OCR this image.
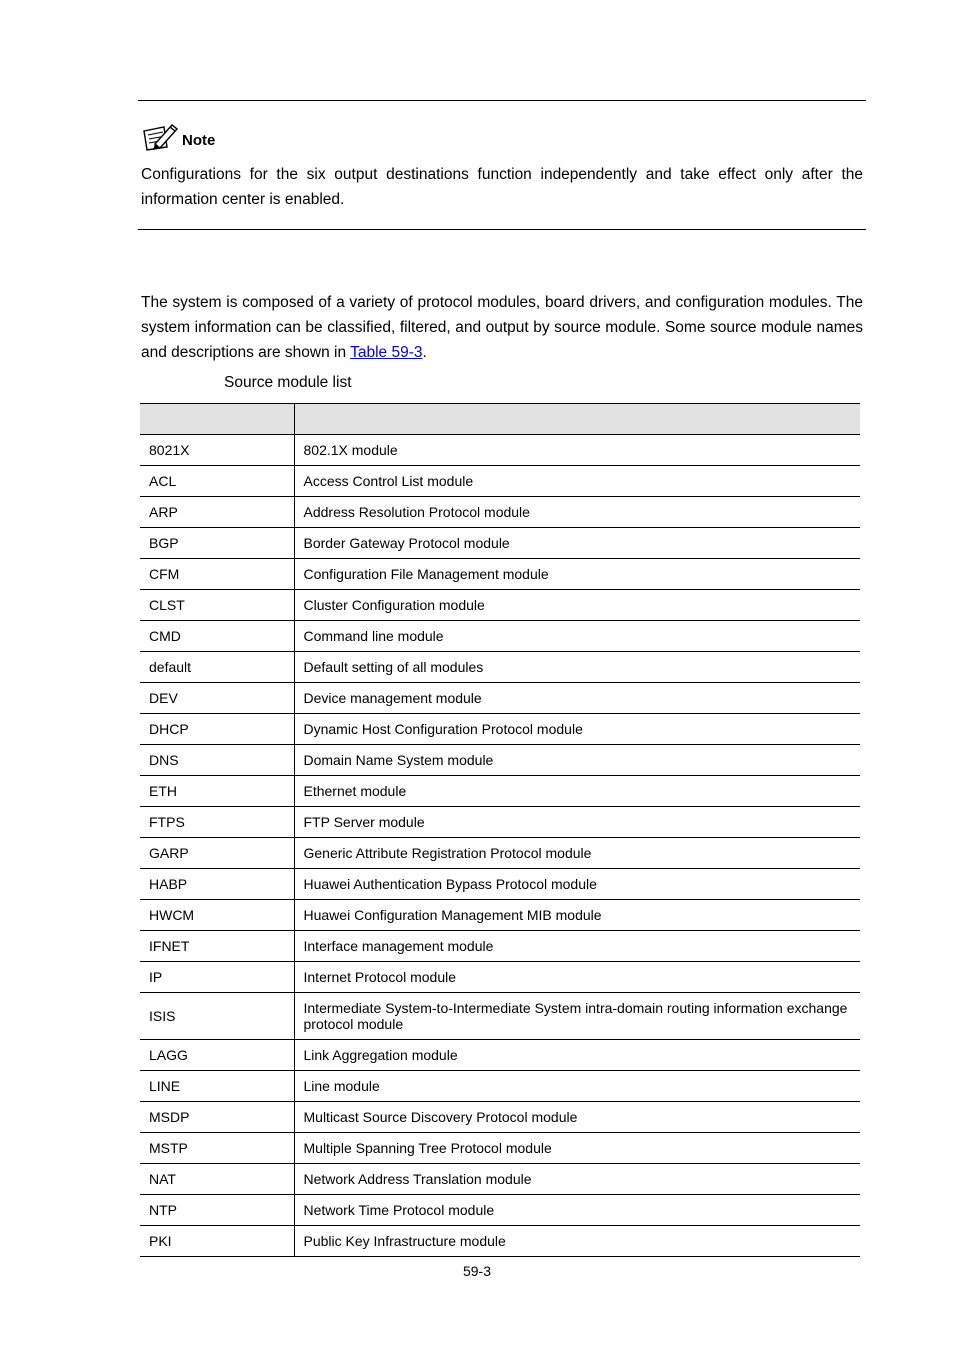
Note

Configurations for the six output destinations function independently and take effect only after the information center is enabled.

The system is composed of a variety of protocol modules, board drivers, and configuration modules. The system information can be classified, filtered, and output by source module. Some source module names and descriptions are shown in Table 59-3.

Source module list

8021X	802.1X module
ACL	Access Control List module
ARP	Address Resolution Protocol module
BGP	Border Gateway Protocol module
CFM	Configuration File Management module
CLST	Cluster Configuration module
CMD	Command line module
default	Default setting of all modules
DEV	Device management module
DHCP	Dynamic Host Configuration Protocol module
DNS	Domain Name System module
ETH	Ethernet module
FTPS	FTP Server module
GARP	Generic Attribute Registration Protocol module
HABP	Huawei Authentication Bypass Protocol module
HWCM	Huawei Configuration Management MIB module
IFNET	Interface management module
IP	Internet Protocol module
ISIS	Intermediate System-to-Intermediate System intra-domain routing information exchange protocol module
LAGG	Link Aggregation module
LINE	Line module
MSDP	Multicast Source Discovery Protocol module
MSTP	Multiple Spanning Tree Protocol module
NAT	Network Address Translation module
NTP	Network Time Protocol module
PKI	Public Key Infrastructure module
59-3
